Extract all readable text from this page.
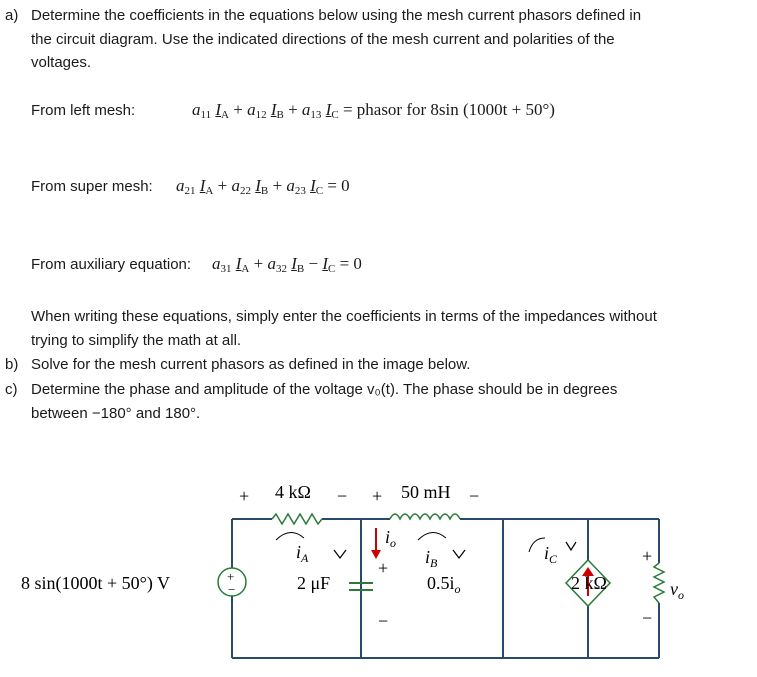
a) Determine the coefficients in the equations below using the mesh current phasors defined in
the circuit diagram. Use the indicated directions of the mesh current and polarities of the
voltages.
From left mesh:	$a_{11}$ $I_A + a_{12}$ $I_B + a_{13}$ $I_C$ = phasor for 8sin (1000t + 50°)
From super mesh: $a_{21}$ $I_A + a_{22}$ $I_B + a_{23}$ $I_C = 0$
From auxiliary equation: $a_{31}$ $I_A + a_{32}$ $I_B - I_C = 0$
When writing these equations, simply enter the coefficients in terms of the impedances without
trying to simplify the math at all.
b) Solve for the mesh current phasors as defined in the image below.
c) Determine the phase and amplitude of the voltage v₀(t). The phase should be in degrees
between −180° and 180°.
+
−
+	− +	−
+
−
+
−
8 sin(1000t + 50°) V
4 kΩ	50 mH
2 μF	2 kΩ
$0.5i_o$
$i_A$	$i_B$	$i_C$
$i_o$
$v_o$
